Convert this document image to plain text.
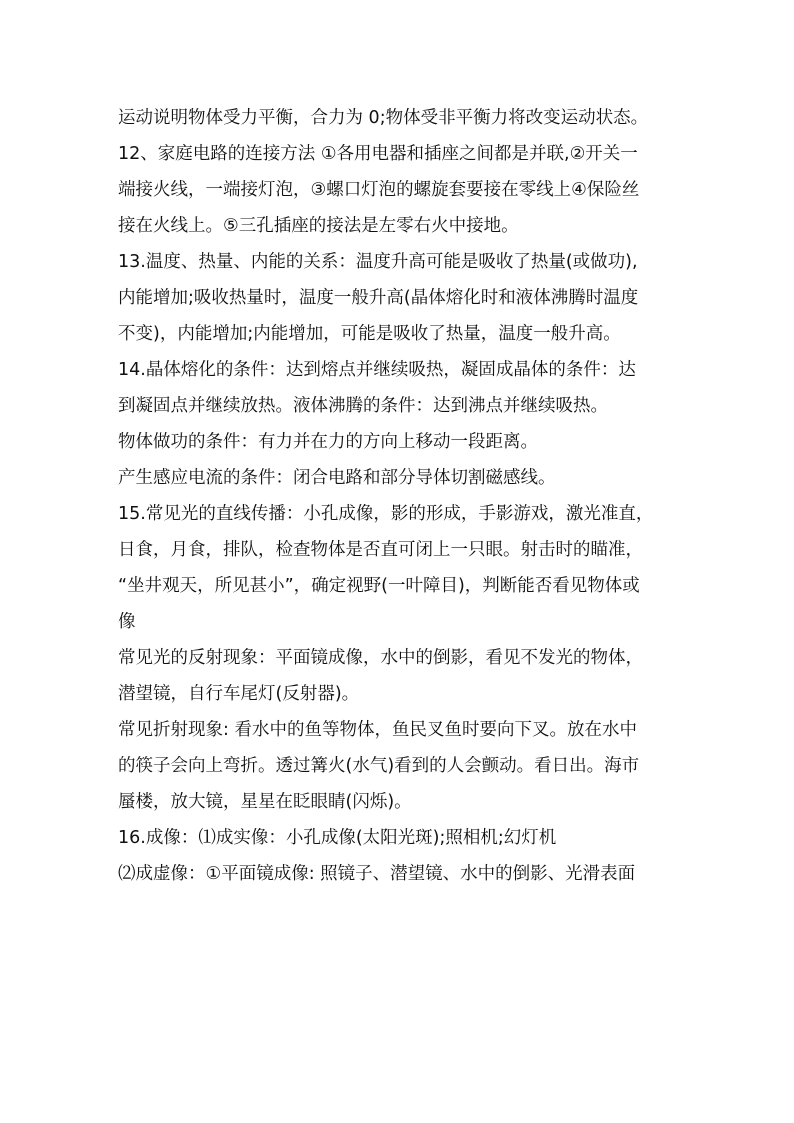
运动说明物体受力平衡，合力为 0;物体受非平衡力将改变运动状态。
12、家庭电路的连接方法 ①各用电器和插座之间都是并联,②开关一
端接火线，一端接灯泡，③螺口灯泡的螺旋套要接在零线上④保险丝
接在火线上。⑤三孔插座的接法是左零右火中接地。
13.温度、热量、内能的关系：温度升高可能是吸收了热量(或做功),
内能增加;吸收热量时，温度一般升高(晶体熔化时和液体沸腾时温度
不变)，内能增加;内能增加，可能是吸收了热量，温度一般升高。
14.晶体熔化的条件：达到熔点并继续吸热，凝固成晶体的条件：达
到凝固点并继续放热。液体沸腾的条件：达到沸点并继续吸热。
物体做功的条件：有力并在力的方向上移动一段距离。
产生感应电流的条件：闭合电路和部分导体切割磁感线。
15.常见光的直线传播：小孔成像，影的形成，手影游戏，激光准直，
日食，月食，排队，检查物体是否直可闭上一只眼。射击时的瞄准，
“坐井观天，所见甚小”，确定视野(一叶障目)，判断能否看见物体或
像
常见光的反射现象：平面镜成像，水中的倒影，看见不发光的物体，
潜望镜，自行车尾灯(反射器)。
常见折射现象: 看水中的鱼等物体，鱼民叉鱼时要向下叉。放在水中
的筷子会向上弯折。透过篝火(水气)看到的人会颤动。看日出。海市
蜃楼，放大镜，星星在眨眼睛(闪烁)。
16.成像：⑴成实像：小孔成像(太阳光斑);照相机;幻灯机
⑵成虚像：①平面镜成像: 照镜子、潜望镜、水中的倒影、光滑表面
